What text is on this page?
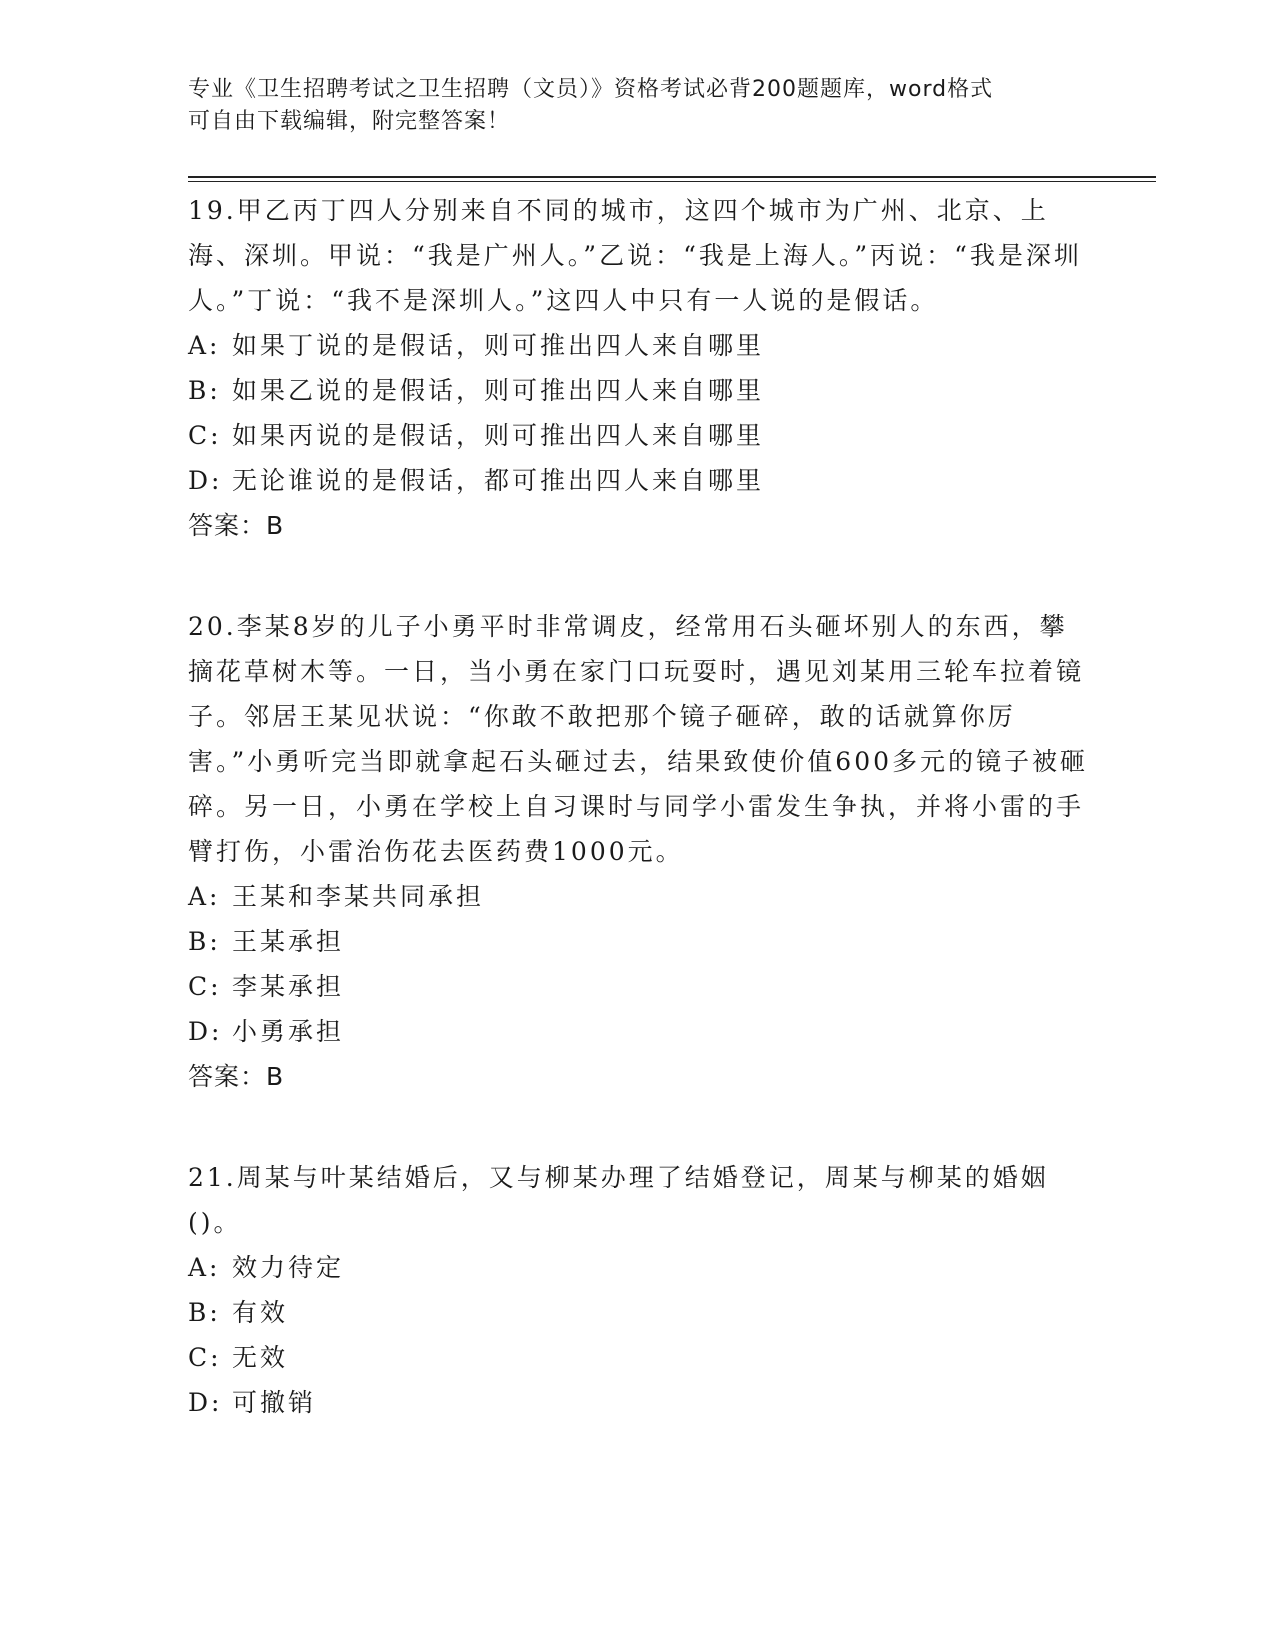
专业《卫生招聘考试之卫生招聘（文员）》资格考试必背200题题库，word格式
可自由下载编辑，附完整答案！

19.甲乙丙丁四人分别来自不同的城市，这四个城市为广州、北京、上海、深圳。甲说：“我是广州人。”乙说：“我是上海人。”丙说：“我是深圳人。”丁说：“我不是深圳人。”这四人中只有一人说的是假话。

A: 如果丁说的是假话，则可推出四人来自哪里

B: 如果乙说的是假话，则可推出四人来自哪里

C: 如果丙说的是假话，则可推出四人来自哪里

D: 无论谁说的是假话，都可推出四人来自哪里

答案：B

20.李某8岁的儿子小勇平时非常调皮，经常用石头砸坏别人的东西，攀摘花草树木等。一日，当小勇在家门口玩耍时，遇见刘某用三轮车拉着镜子。邻居王某见状说：“你敢不敢把那个镜子砸碎，敢的话就算你厉害。”小勇听完当即就拿起石头砸过去，结果致使价值600多元的镜子被砸碎。另一日，小勇在学校上自习课时与同学小雷发生争执，并将小雷的手臂打伤，小雷治伤花去医药费1000元。

A: 王某和李某共同承担

B: 王某承担

C: 李某承担

D: 小勇承担

答案：B

21.周某与叶某结婚后，又与柳某办理了结婚登记，周某与柳某的婚姻()。

A: 效力待定

B: 有效

C: 无效

D: 可撤销
